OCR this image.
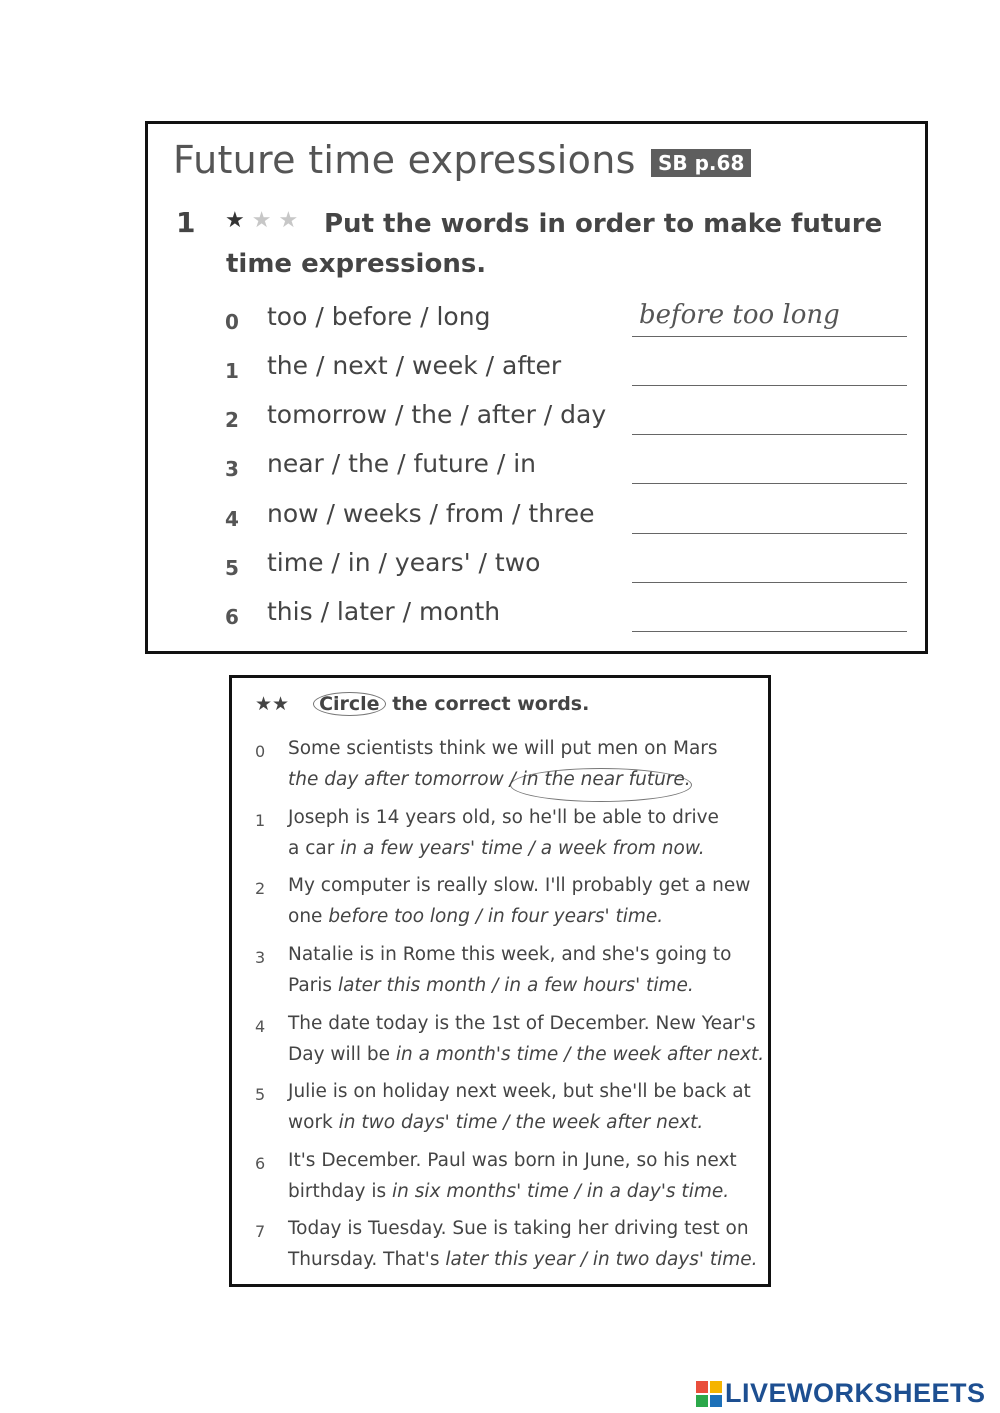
Future time expressions	SB p.68
1 ★ ★ ★ Put the words in order to make future time expressions.
0 too / before / long	before too long
1 the / next / week / after
2 tomorrow / the / after / day
3 near / the / future / in
4 now / weeks / from / three
5 time / in / years' / two
6 this / later / month
★★ Circle the correct words.
0 Some scientists think we will put men on Mars
the day after tomorrow / in the near future.
1 Joseph is 14 years old, so he'll be able to drive
a car in a few years' time / a week from now.
2 My computer is really slow. I'll probably get a new
one before too long / in four years' time.
3 Natalie is in Rome this week, and she's going to
Paris later this month / in a few hours' time.
4 The date today is the 1st of December. New Year's
Day will be in a month's time / the week after next.
5 Julie is on holiday next week, but she'll be back at
work in two days' time / the week after next.
6 It's December. Paul was born in June, so his next
birthday is in six months' time / in a day's time.
7 Today is Tuesday. Sue is taking her driving test on
Thursday. That's later this year / in two days' time.
LIVEWORKSHEETS
